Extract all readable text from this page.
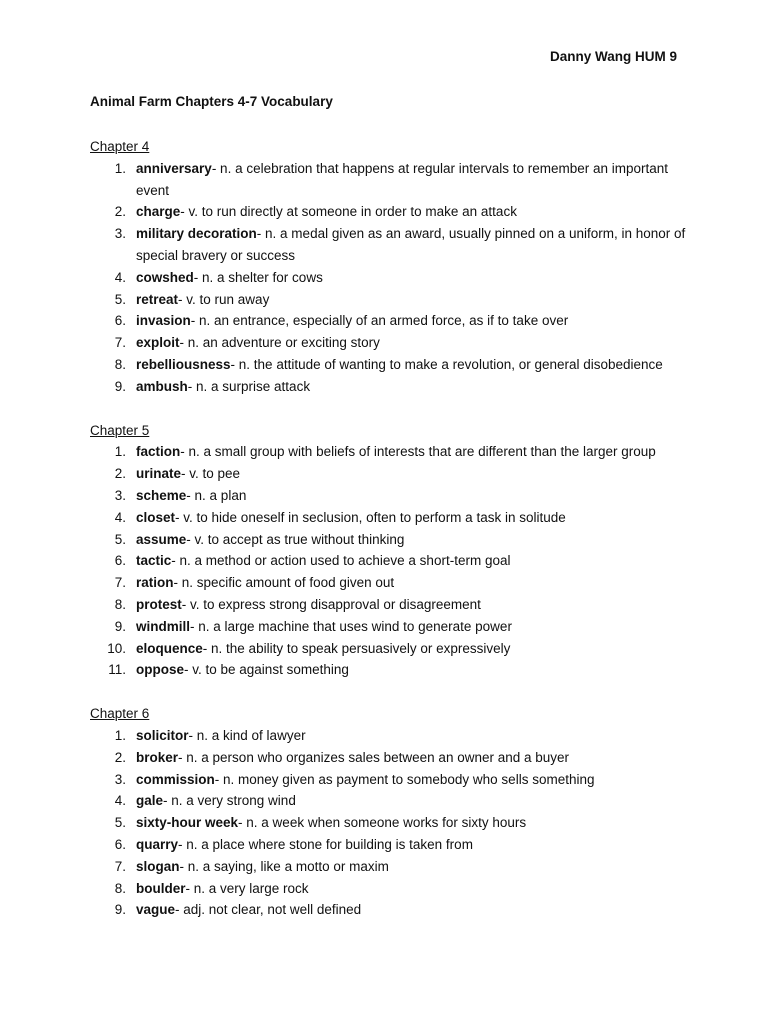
Danny Wang HUM 9
Animal Farm Chapters 4-7 Vocabulary
Chapter 4
1. anniversary- n. a celebration that happens at regular intervals to remember an important event
2. charge- v. to run directly at someone in order to make an attack
3. military decoration- n. a medal given as an award, usually pinned on a uniform, in honor of special bravery or success
4. cowshed- n. a shelter for cows
5. retreat- v. to run away
6. invasion- n. an entrance, especially of an armed force, as if to take over
7. exploit- n. an adventure or exciting story
8. rebelliousness- n. the attitude of wanting to make a revolution, or general disobedience
9. ambush- n. a surprise attack
Chapter 5
1. faction- n. a small group with beliefs of interests that are different than the larger group
2. urinate- v. to pee
3. scheme- n. a plan
4. closet- v. to hide oneself in seclusion, often to perform a task in solitude
5. assume- v. to accept as true without thinking
6. tactic- n. a method or action used to achieve a short-term goal
7. ration- n. specific amount of food given out
8. protest- v. to express strong disapproval or disagreement
9. windmill- n. a large machine that uses wind to generate power
10. eloquence- n. the ability to speak persuasively or expressively
11. oppose- v. to be against something
Chapter 6
1. solicitor- n. a kind of lawyer
2. broker- n. a person who organizes sales between an owner and a buyer
3. commission- n. money given as payment to somebody who sells something
4. gale- n. a very strong wind
5. sixty-hour week- n. a week when someone works for sixty hours
6. quarry- n. a place where stone for building is taken from
7. slogan- n. a saying, like a motto or maxim
8. boulder- n. a very large rock
9. vague- adj. not clear, not well defined
